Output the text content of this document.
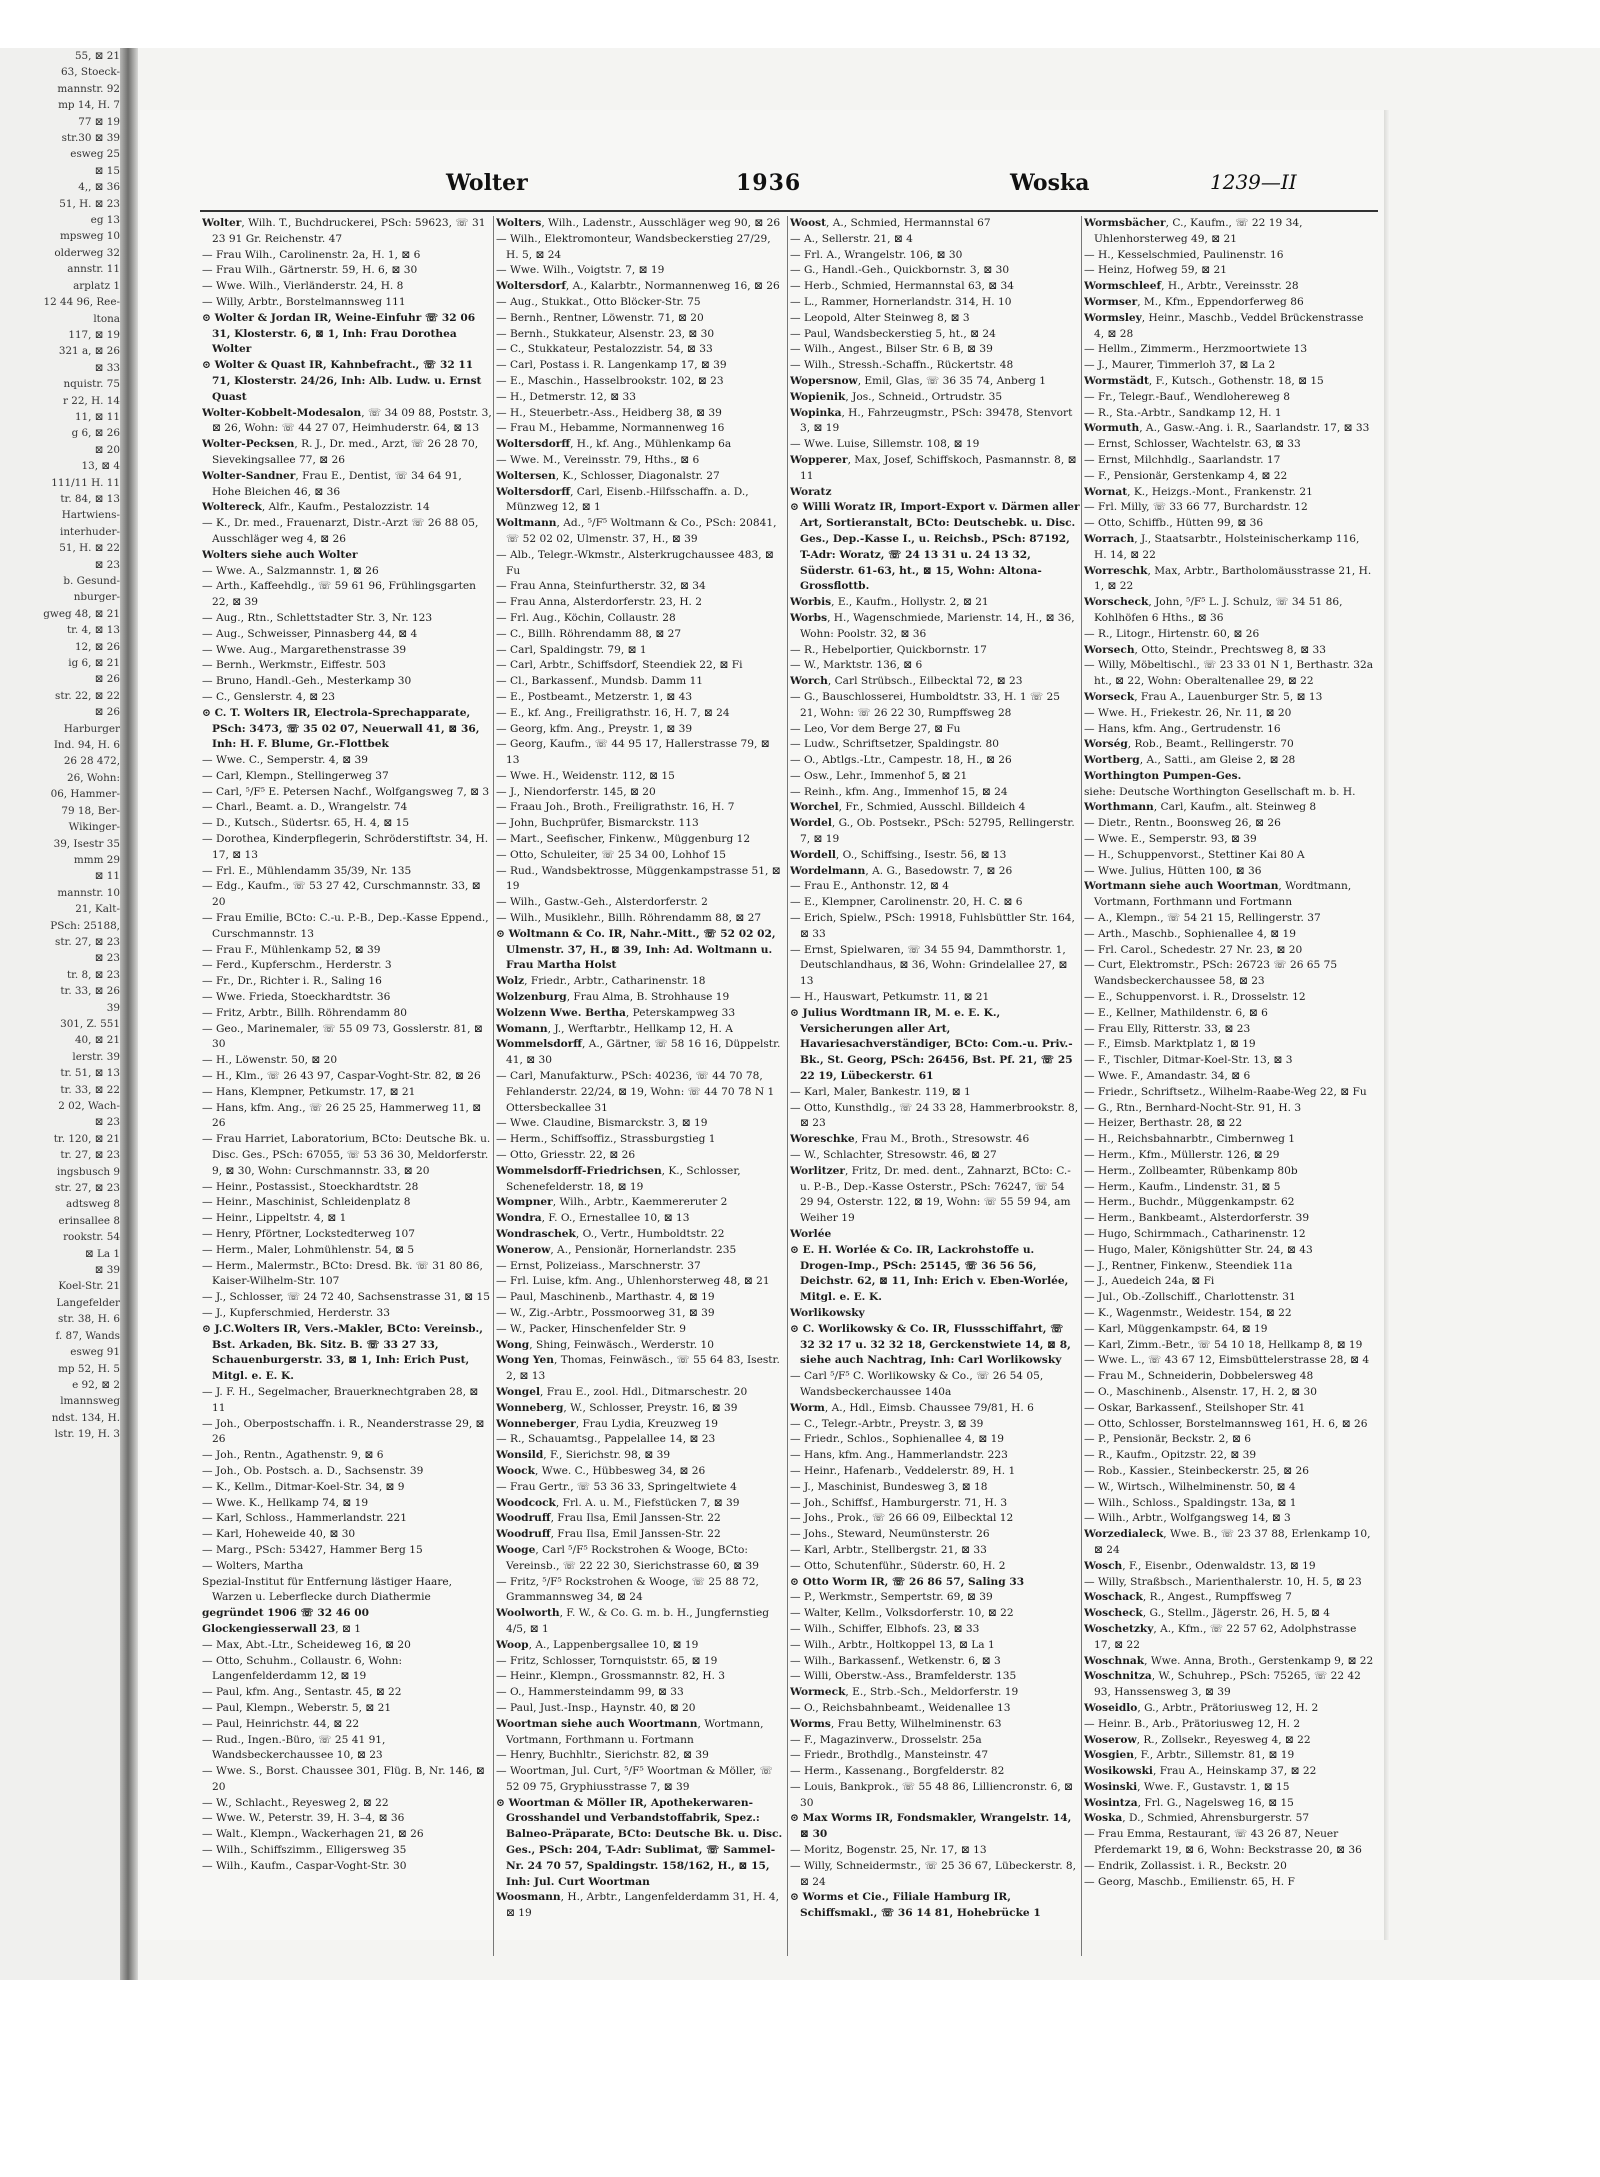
55, ⊠ 21
63, Stoeck-
mannstr. 92
mp 14, H. 7
77 ⊠ 19
str.30 ⊠ 39
esweg 25
⊠ 15
4,, ⊠ 36
51, H. ⊠ 23
eg 13
mpsweg 10
olderweg 32
annstr. 11
arplatz 1
12 44 96, Ree-
ltona
117, ⊠ 19
321 a, ⊠ 26
⊠ 33
nquistr. 75
r 22, H. 14
11, ⊠ 11
g 6, ⊠ 26
⊠ 20
13, ⊠ 4
111/11 H. 11
tr. 84, ⊠ 13
Hartwiens-
interhuder-
51, H. ⊠ 22
⊠ 23
b. Gesund-
nburger-
gweg 48, ⊠ 21
tr. 4, ⊠ 13
12, ⊠ 26
ig 6, ⊠ 21
⊠ 26
str. 22, ⊠ 22
⊠ 26
Harburger
Ind. 94, H. 6
26 28 472,
26, Wohn:
06, Hammer-
79 18, Ber-
Wikinger-
39, Isestr 35
mmm 29
⊠ 11
mannstr. 10
21, Kalt-
PSch: 25188,
str. 27, ⊠ 23
⊠ 23
tr. 8, ⊠ 23
tr. 33, ⊠ 26
39
301, Z. 551
40, ⊠ 21
lerstr. 39
tr. 51, ⊠ 13
tr. 33, ⊠ 22
2 02, Wach-
⊠ 23
tr. 120, ⊠ 21
tr. 27, ⊠ 23
ingsbusch 9
str. 27, ⊠ 23
adtsweg 8
erinsallee 8
rookstr. 54
⊠ La 1
⊠ 39
Koel-Str. 21
Langefelder
str. 38, H. 6
f. 87, Wands
esweg 91
mp 52, H. 5
e 92, ⊠ 2
lmannsweg
ndst. 134, H.
lstr. 19, H. 3
Wolter	1936	Woska	1239—II
Wolter, Wilh. T., Buchdruckerei, PSch: 59623, ☏ 31 23 91 Gr. Reichenstr. 47
— Frau Wilh., Carolinenstr. 2a, H. 1, ⊠ 6
— Frau Wilh., Gärtnerstr. 59, H. 6, ⊠ 30
— Wwe. Wilh., Vierländerstr. 24, H. 8
— Willy, Arbtr., Borstelmannsweg 111
⊙ Wolter & Jordan IR, Weine-Einfuhr ☏ 32 06 31, Klosterstr. 6, ⊠ 1, Inh: Frau Dorothea Wolter
⊙ Wolter & Quast IR, Kahnbefracht., ☏ 32 11 71, Klosterstr. 24/26, Inh: Alb. Ludw. u. Ernst Quast
Wolter-Kobbelt-Modesalon, ☏ 34 09 88, Poststr. 3, ⊠ 26, Wohn: ☏ 44 27 07, Heimhuderstr. 64, ⊠ 13
Wolter-Pecksen, R. J., Dr. med., Arzt, ☏ 26 28 70, Sievekingsallee 77, ⊠ 26
Wolter-Sandner, Frau E., Dentist, ☏ 34 64 91, Hohe Bleichen 46, ⊠ 36
Woltereck, Alfr., Kaufm., Pestalozzistr. 14
— K., Dr. med., Frauenarzt, Distr.-Arzt ☏ 26 88 05, Ausschläger weg 4, ⊠ 26
Wolters siehe auch Wolter
— Wwe. A., Salzmannstr. 1, ⊠ 26
— Arth., Kaffeehdlg., ☏ 59 61 96, Frühlingsgarten 22, ⊠ 39
— Aug., Rtn., Schlettstadter Str. 3, Nr. 123
— Aug., Schweisser, Pinnasberg 44, ⊠ 4
— Wwe. Aug., Margarethenstrasse 39
— Bernh., Werkmstr., Eiffestr. 503
— Bruno, Handl.-Geh., Mesterkamp 30
— C., Genslerstr. 4, ⊠ 23
⊙ C. T. Wolters IR, Electrola-Sprechapparate, PSch: 3473, ☏ 35 02 07, Neuerwall 41, ⊠ 36, Inh: H. F. Blume, Gr.-Flottbek
— Wwe. C., Semperstr. 4, ⊠ 39
— Carl, Klempn., Stellingerweg 37
— Carl, ⁵/F⁵ E. Petersen Nachf., Wolfgangsweg 7, ⊠ 3
— Charl., Beamt. a. D., Wrangelstr. 74
— D., Kutsch., Südertsr. 65, H. 4, ⊠ 15
— Dorothea, Kinderpflegerin, Schröderstiftstr. 34, H. 17, ⊠ 13
— Frl. E., Mühlendamm 35/39, Nr. 135
— Edg., Kaufm., ☏ 53 27 42, Curschmannstr. 33, ⊠ 20
— Frau Emilie, BCto: C.-u. P.-B., Dep.-Kasse Eppend., Curschmannstr. 13
— Frau F., Mühlenkamp 52, ⊠ 39
— Ferd., Kupferschm., Herderstr. 3
— Fr., Dr., Richter i. R., Saling 16
— Wwe. Frieda, Stoeckhardtstr. 36
— Fritz, Arbtr., Billh. Röhrendamm 80
— Geo., Marinemaler, ☏ 55 09 73, Gosslerstr. 81, ⊠ 30
— H., Löwenstr. 50, ⊠ 20
— H., Klm., ☏ 26 43 97, Caspar-Voght-Str. 82, ⊠ 26
— Hans, Klempner, Petkumstr. 17, ⊠ 21
— Hans, kfm. Ang., ☏ 26 25 25, Hammerweg 11, ⊠ 26
— Frau Harriet, Laboratorium, BCto: Deutsche Bk. u. Disc. Ges., PSch: 67055, ☏ 53 36 30, Meldorferstr. 9, ⊠ 30, Wohn: Curschmannstr. 33, ⊠ 20
— Heinr., Postassist., Stoeckhardtstr. 28
— Heinr., Maschinist, Schleidenplatz 8
— Heinr., Lippeltstr. 4, ⊠ 1
— Henry, Pförtner, Lockstedterweg 107
— Herm., Maler, Lohmühlenstr. 54, ⊠ 5
— Herm., Malermstr., BCto: Dresd. Bk. ☏ 31 80 86, Kaiser-Wilhelm-Str. 107
— J., Schlosser, ☏ 24 72 40, Sachsenstrasse 31, ⊠ 15
— J., Kupferschmied, Herderstr. 33
⊙ J.C.Wolters IR, Vers.-Makler, BCto: Vereinsb., Bst. Arkaden, Bk. Sitz. B. ☏ 33 27 33, Schauenburgerstr. 33, ⊠ 1, Inh: Erich Pust, Mitgl. e. E. K.
— J. F. H., Segelmacher, Brauerknechtgraben 28, ⊠ 11
— Joh., Oberpostschaffn. i. R., Neanderstrasse 29, ⊠ 26
— Joh., Rentn., Agathenstr. 9, ⊠ 6
— Joh., Ob. Postsch. a. D., Sachsenstr. 39
— K., Kellm., Ditmar-Koel-Str. 34, ⊠ 9
— Wwe. K., Hellkamp 74, ⊠ 19
— Karl, Schloss., Hammerlandstr. 221
— Karl, Hoheweide 40, ⊠ 30
— Marg., PSch: 53427, Hammer Berg 15
— Wolters, Martha
Spezial-Institut für Entfernung lästiger Haare, Warzen u. Leberflecke durch Diathermie
gegründet 1906 ☏ 32 46 00
Glockengiesserwall 23, ⊠ 1
— Max, Abt.-Ltr., Scheideweg 16, ⊠ 20
— Otto, Schuhm., Collaustr. 6, Wohn: Langenfelderdamm 12, ⊠ 19
— Paul, kfm. Ang., Sentastr. 45, ⊠ 22
— Paul, Klempn., Weberstr. 5, ⊠ 21
— Paul, Heinrichstr. 44, ⊠ 22
— Rud., Ingen.-Büro, ☏ 25 41 91, Wandsbeckerchaussee 10, ⊠ 23
— Wwe. S., Borst. Chaussee 301, Flüg. B, Nr. 146, ⊠ 20
— W., Schlacht., Reyesweg 2, ⊠ 22
— Wwe. W., Peterstr. 39, H. 3–4, ⊠ 36
— Walt., Klempn., Wackerhagen 21, ⊠ 26
— Wilh., Schiffszimm., Elligersweg 35
— Wilh., Kaufm., Caspar-Voght-Str. 30
Wolters, Wilh., Ladenstr., Ausschläger weg 90, ⊠ 26
— Wilh., Elektromonteur, Wandsbeckerstieg 27/29, H. 5, ⊠ 24
— Wwe. Wilh., Voigtstr. 7, ⊠ 19
Woltersdorf, A., Kalarbtr., Normannenweg 16, ⊠ 26
— Aug., Stukkat., Otto Blöcker-Str. 75
— Bernh., Rentner, Löwenstr. 71, ⊠ 20
— Bernh., Stukkateur, Alsenstr. 23, ⊠ 30
— C., Stukkateur, Pestalozzistr. 54, ⊠ 33
— Carl, Postass i. R. Langenkamp 17, ⊠ 39
— E., Maschin., Hasselbrookstr. 102, ⊠ 23
— H., Detmerstr. 12, ⊠ 33
— H., Steuerbetr.-Ass., Heidberg 38, ⊠ 39
— Frau M., Hebamme, Normannenweg 16
Woltersdorff, H., kf. Ang., Mühlenkamp 6a
— Wwe. M., Vereinsstr. 79, Hths., ⊠ 6
Woltersen, K., Schlosser, Diagonalstr. 27
Woltersdorff, Carl, Eisenb.-Hilfsschaffn. a. D., Münzweg 12, ⊠ 1
Woltmann, Ad., ⁵/F⁵ Woltmann & Co., PSch: 20841, ☏ 52 02 02, Ulmenstr. 37, H., ⊠ 39
— Alb., Telegr.-Wkmstr., Alsterkrugchaussee 483, ⊠ Fu
— Frau Anna, Steinfurtherstr. 32, ⊠ 34
— Frau Anna, Alsterdorferstr. 23, H. 2
— Frl. Aug., Köchin, Collaustr. 28
— C., Billh. Röhrendamm 88, ⊠ 27
— Carl, Spaldingstr. 79, ⊠ 1
— Carl, Arbtr., Schiffsdorf, Steendiek 22, ⊠ Fi
— Cl., Barkassenf., Mundsb. Damm 11
— E., Postbeamt., Metzerstr. 1, ⊠ 43
— E., kf. Ang., Freiligrathstr. 16, H. 7, ⊠ 24
— Georg, kfm. Ang., Preystr. 1, ⊠ 39
— Georg, Kaufm., ☏ 44 95 17, Hallerstrasse 79, ⊠ 13
— Wwe. H., Weidenstr. 112, ⊠ 15
— J., Niendorferstr. 145, ⊠ 20
— Fraau Joh., Broth., Freiligrathstr. 16, H. 7
— John, Buchprüfer, Bismarckstr. 113
— Mart., Seefischer, Finkenw., Müggenburg 12
— Otto, Schuleiter, ☏ 25 34 00, Lohhof 15
— Rud., Wandsbektrosse, Müggenkampstrasse 51, ⊠ 19
— Wilh., Gastw.-Geh., Alsterdorferstr. 2
— Wilh., Musiklehr., Billh. Röhrendamm 88, ⊠ 27
⊙ Woltmann & Co. IR, Nahr.-Mitt., ☏ 52 02 02, Ulmenstr. 37, H., ⊠ 39, Inh: Ad. Woltmann u. Frau Martha Holst
Wolz, Friedr., Arbtr., Catharinenstr. 18
Wolzenburg, Frau Alma, B. Strohhause 19
Wolzenn Wwe. Bertha, Peterskampweg 33
Womann, J., Werftarbtr., Hellkamp 12, H. A
Wommelsdorff, A., Gärtner, ☏ 58 16 16, Düppelstr. 41, ⊠ 30
— Carl, Manufakturw., PSch: 40236, ☏ 44 70 78, Fehlanderstr. 22/24, ⊠ 19, Wohn: ☏ 44 70 78 N 1 Ottersbeckallee 31
— Wwe. Claudine, Bismarckstr. 3, ⊠ 19
— Herm., Schiffsoffiz., Strassburgstieg 1
— Otto, Griesstr. 22, ⊠ 26
Wommelsdorff-Friedrichsen, K., Schlosser, Schenefelderstr. 18, ⊠ 19
Wompner, Wilh., Arbtr., Kaemmereruter 2
Wondra, F. O., Ernestallee 10, ⊠ 13
Wondraschek, O., Vertr., Humboldtstr. 22
Wonerow, A., Pensionär, Hornerlandstr. 235
— Ernst, Polizeiass., Marschnerstr. 37
— Frl. Luise, kfm. Ang., Uhlenhorsterweg 48, ⊠ 21
— Paul, Maschinenb., Marthastr. 4, ⊠ 19
— W., Zig.-Arbtr., Possmoorweg 31, ⊠ 39
— W., Packer, Hinschenfelder Str. 9
Wong, Shing, Feinwäsch., Werderstr. 10
Wong Yen, Thomas, Feinwäsch., ☏ 55 64 83, Isestr. 2, ⊠ 13
Wongel, Frau E., zool. Hdl., Ditmarschestr. 20
Wonneberg, W., Schlosser, Preystr. 16, ⊠ 39
Wonneberger, Frau Lydia, Kreuzweg 19
— R., Schauamtsg., Pappelallee 14, ⊠ 23
Wonsild, F., Sierichstr. 98, ⊠ 39
Woock, Wwe. C., Hübbesweg 34, ⊠ 26
— Frau Gertr., ☏ 53 36 33, Springeltwiete 4
Woodcock, Frl. A. u. M., Fiefstücken 7, ⊠ 39
Woodruff, Frau Ilsa, Emil Janssen-Str. 22
Woodruff, Frau Ilsa, Emil Janssen-Str. 22
Wooge, Carl ⁵/F⁵ Rockstrohen & Wooge, BCto: Vereinsb., ☏ 22 22 30, Sierichstrasse 60, ⊠ 39
— Fritz, ⁵/F⁵ Rockstrohen & Wooge, ☏ 25 88 72, Grammannsweg 34, ⊠ 24
Woolworth, F. W., & Co. G. m. b. H., Jungfernstieg 4/5, ⊠ 1
Woop, A., Lappenbergsallee 10, ⊠ 19
— Fritz, Schlosser, Tornquiststr. 65, ⊠ 19
— Heinr., Klempn., Grossmannstr. 82, H. 3
— O., Hammersteindamm 99, ⊠ 33
— Paul, Just.-Insp., Haynstr. 40, ⊠ 20
Woortman siehe auch Woortmann, Wortmann, Vortmann, Forthmann u. Fortmann
— Henry, Buchhltr., Sierichstr. 82, ⊠ 39
— Woortman, Jul. Curt, ⁵/F⁵ Woortman & Möller, ☏ 52 09 75, Gryphiusstrasse 7, ⊠ 39
⊙ Woortman & Möller IR, Apothekerwaren-Grosshandel und Verbandstoffabrik, Spez.: Balneo-Präparate, BCto: Deutsche Bk. u. Disc. Ges., PSch: 204, T-Adr: Sublimat, ☏ Sammel-Nr. 24 70 57, Spaldingstr. 158/162, H., ⊠ 15, Inh: Jul. Curt Woortman
Woosmann, H., Arbtr., Langenfelderdamm 31, H. 4, ⊠ 19
Woost, A., Schmied, Hermannstal 67
— A., Sellerstr. 21, ⊠ 4
— Frl. A., Wrangelstr. 106, ⊠ 30
— G., Handl.-Geh., Quickbornstr. 3, ⊠ 30
— Herb., Schmied, Hermannstal 63, ⊠ 34
— L., Rammer, Hornerlandstr. 314, H. 10
— Leopold, Alter Steinweg 8, ⊠ 3
— Paul, Wandsbeckerstieg 5, ht., ⊠ 24
— Wilh., Angest., Bilser Str. 6 B, ⊠ 39
— Wilh., Stressh.-Schaffn., Rückertstr. 48
Wopersnow, Emil, Glas, ☏ 36 35 74, Anberg 1
Wopienik, Jos., Schneid., Ortrudstr. 35
Wopinka, H., Fahrzeugmstr., PSch: 39478, Stenvort 3, ⊠ 19
— Wwe. Luise, Sillemstr. 108, ⊠ 19
Wopperer, Max, Josef, Schiffskoch, Pasmannstr. 8, ⊠ 11
Woratz
⊙ Willi Woratz IR, Import-Export v. Därmen aller Art, Sortieranstalt, BCto: Deutschebk. u. Disc. Ges., Dep.-Kasse I., u. Reichsb., PSch: 87192, T-Adr: Woratz, ☏ 24 13 31 u. 24 13 32, Süderstr. 61-63, ht., ⊠ 15, Wohn: Altona-Grossflottb.
Worbis, E., Kaufm., Hollystr. 2, ⊠ 21
Worbs, H., Wagenschmiede, Marienstr. 14, H., ⊠ 36, Wohn: Poolstr. 32, ⊠ 36
— R., Hebelportier, Quickbornstr. 17
— W., Marktstr. 136, ⊠ 6
Worch, Carl Strübsch., Eilbecktal 72, ⊠ 23
— G., Bauschlosserei, Humboldtstr. 33, H. 1 ☏ 25 21, Wohn: ☏ 26 22 30, Rumpffsweg 28
— Leo, Vor dem Berge 27, ⊠ Fu
— Ludw., Schriftsetzer, Spaldingstr. 80
— O., Abtlgs.-Ltr., Campestr. 18, H., ⊠ 26
— Osw., Lehr., Immenhof 5, ⊠ 21
— Reinh., kfm. Ang., Immenhof 15, ⊠ 24
Worchel, Fr., Schmied, Ausschl. Billdeich 4
Wordel, G., Ob. Postsekr., PSch: 52795, Rellingerstr. 7, ⊠ 19
Wordell, O., Schiffsing., Isestr. 56, ⊠ 13
Wordelmann, A. G., Basedowstr. 7, ⊠ 26
— Frau E., Anthonstr. 12, ⊠ 4
— E., Klempner, Carolinenstr. 20, H. C. ⊠ 6
— Erich, Spielw., PSch: 19918, Fuhlsbüttler Str. 164, ⊠ 33
— Ernst, Spielwaren, ☏ 34 55 94, Dammthorstr. 1, Deutschlandhaus, ⊠ 36, Wohn: Grindelallee 27, ⊠ 13
— H., Hauswart, Petkumstr. 11, ⊠ 21
⊙ Julius Wordtmann IR, M. e. E. K., Versicherungen aller Art, Havariesachverständiger, BCto: Com.-u. Priv.-Bk., St. Georg, PSch: 26456, Bst. Pf. 21, ☏ 25 22 19, Lübeckerstr. 61
— Karl, Maler, Bankestr. 119, ⊠ 1
— Otto, Kunsthdlg., ☏ 24 33 28, Hammerbrookstr. 8, ⊠ 23
Woreschke, Frau M., Broth., Stresowstr. 46
— W., Schlachter, Stresowstr. 46, ⊠ 27
Worlitzer, Fritz, Dr. med. dent., Zahnarzt, BCto: C.-u. P.-B., Dep.-Kasse Osterstr., PSch: 76247, ☏ 54 29 94, Osterstr. 122, ⊠ 19, Wohn: ☏ 55 59 94, am Weiher 19
Worlée
⊙ E. H. Worlée & Co. IR, Lackrohstoffe u. Drogen-Imp., PSch: 25145, ☏ 36 56 56, Deichstr. 62, ⊠ 11, Inh: Erich v. Eben-Worlée, Mitgl. e. E. K.
Worlikowsky
⊙ C. Worlikowsky & Co. IR, Flussschiffahrt, ☏ 32 32 17 u. 32 32 18, Gerckenstwiete 14, ⊠ 8, siehe auch Nachtrag, Inh: Carl Worlikowsky
— Carl ⁵/F⁵ C. Worlikowsky & Co., ☏ 26 54 05, Wandsbeckerchaussee 140a
Worm, A., Hdl., Eimsb. Chaussee 79/81, H. 6
— C., Telegr.-Arbtr., Preystr. 3, ⊠ 39
— Friedr., Schlos., Sophienallee 4, ⊠ 19
— Hans, kfm. Ang., Hammerlandstr. 223
— Heinr., Hafenarb., Veddelerstr. 89, H. 1
— J., Maschinist, Bundesweg 3, ⊠ 18
— Joh., Schiffsf., Hamburgerstr. 71, H. 3
— Johs., Prok., ☏ 26 66 09, Eilbecktal 12
— Johs., Steward, Neumünsterstr. 26
— Karl, Arbtr., Stellbergstr. 21, ⊠ 33
— Otto, Schutenführ., Süderstr. 60, H. 2
⊙ Otto Worm IR, ☏ 26 86 57, Saling 33
— P., Werkmstr., Sempertstr. 69, ⊠ 39
— Walter, Kellm., Volksdorferstr. 10, ⊠ 22
— Wilh., Schiffer, Elbhofs. 23, ⊠ 33
— Wilh., Arbtr., Holtkoppel 13, ⊠ La 1
— Wilh., Barkassenf., Wetkenstr. 6, ⊠ 3
— Willi, Oberstw.-Ass., Bramfelderstr. 135
Wormeck, E., Strb.-Sch., Meldorferstr. 19
— O., Reichsbahnbeamt., Weidenallee 13
Worms, Frau Betty, Wilhelminenstr. 63
— F., Magazinverw., Drosselstr. 25a
— Friedr., Brothdlg., Mansteinstr. 47
— Herm., Kassenang., Borgfelderstr. 82
— Louis, Bankprok., ☏ 55 48 86, Lilliencronstr. 6, ⊠ 30
⊙ Max Worms IR, Fondsmakler, Wrangelstr. 14, ⊠ 30
— Moritz, Bogenstr. 25, Nr. 17, ⊠ 13
— Willy, Schneidermstr., ☏ 25 36 67, Lübeckerstr. 8, ⊠ 24
⊙ Worms et Cie., Filiale Hamburg IR, Schiffsmakl., ☏ 36 14 81, Hohebrücke 1
Wormsbächer, C., Kaufm., ☏ 22 19 34, Uhlenhorsterweg 49, ⊠ 21
— H., Kesselschmied, Paulinenstr. 16
— Heinz, Hofweg 59, ⊠ 21
Wormschleef, H., Arbtr., Vereinsstr. 28
Wormser, M., Kfm., Eppendorferweg 86
Wormsley, Heinr., Maschb., Veddel Brückenstrasse 4, ⊠ 28
— Hellm., Zimmerm., Herzmoortwiete 13
— J., Maurer, Timmerloh 37, ⊠ La 2
Wormstädt, F., Kutsch., Gothenstr. 18, ⊠ 15
— Fr., Telegr.-Bauf., Wendlohereweg 8
— R., Sta.-Arbtr., Sandkamp 12, H. 1
Wormuth, A., Gasw.-Ang. i. R., Saarlandstr. 17, ⊠ 33
— Ernst, Schlosser, Wachtelstr. 63, ⊠ 33
— Ernst, Milchhdlg., Saarlandstr. 17
— F., Pensionär, Gerstenkamp 4, ⊠ 22
Wornat, K., Heizgs.-Mont., Frankenstr. 21
— Frl. Milly, ☏ 33 66 77, Burchardstr. 12
— Otto, Schiffb., Hütten 99, ⊠ 36
Worrach, J., Staatsarbtr., Holsteinischerkamp 116, H. 14, ⊠ 22
Worreschk, Max, Arbtr., Bartholomäusstrasse 21, H. 1, ⊠ 22
Worscheck, John, ⁵/F⁵ L. J. Schulz, ☏ 34 51 86, Kohlhöfen 6 Hths., ⊠ 36
— R., Litogr., Hirtenstr. 60, ⊠ 26
Worsech, Otto, Steindr., Prechtsweg 8, ⊠ 33
— Willy, Möbeltischl., ☏ 23 33 01 N 1, Berthastr. 32a ht., ⊠ 22, Wohn: Oberaltenallee 29, ⊠ 22
Worseck, Frau A., Lauenburger Str. 5, ⊠ 13
— Wwe. H., Friekestr. 26, Nr. 11, ⊠ 20
— Hans, kfm. Ang., Gertrudenstr. 16
Worség, Rob., Beamt., Rellingerstr. 70
Wortberg, A., Satti., am Gleise 2, ⊠ 28
Worthington Pumpen-Ges.
siehe: Deutsche Worthington Gesellschaft m. b. H.
Worthmann, Carl, Kaufm., alt. Steinweg 8
— Dietr., Rentn., Boonsweg 26, ⊠ 26
— Wwe. E., Semperstr. 93, ⊠ 39
— H., Schuppenvorst., Stettiner Kai 80 A
— Wwe. Julius, Hütten 100, ⊠ 36
Wortmann siehe auch Woortman, Wordtmann, Vortmann, Forthmann und Fortmann
— A., Klempn., ☏ 54 21 15, Rellingerstr. 37
— Arth., Maschb., Sophienallee 4, ⊠ 19
— Frl. Carol., Schedestr. 27 Nr. 23, ⊠ 20
— Curt, Elektromstr., PSch: 26723 ☏ 26 65 75 Wandsbeckerchaussee 58, ⊠ 23
— E., Schuppenvorst. i. R., Drosselstr. 12
— E., Kellner, Mathildenstr. 6, ⊠ 6
— Frau Elly, Ritterstr. 33, ⊠ 23
— F., Eimsb. Marktplatz 1, ⊠ 19
— F., Tischler, Ditmar-Koel-Str. 13, ⊠ 3
— Wwe. F., Amandastr. 34, ⊠ 6
— Friedr., Schriftsetz., Wilhelm-Raabe-Weg 22, ⊠ Fu
— G., Rtn., Bernhard-Nocht-Str. 91, H. 3
— Heizer, Berthastr. 28, ⊠ 22
— H., Reichsbahnarbtr., Cimbernweg 1
— Herm., Kfm., Müllerstr. 126, ⊠ 29
— Herm., Zollbeamter, Rübenkamp 80b
— Herm., Kaufm., Lindenstr. 31, ⊠ 5
— Herm., Buchdr., Müggenkampstr. 62
— Herm., Bankbeamt., Alsterdorferstr. 39
— Hugo, Schirmmach., Catharinenstr. 12
— Hugo, Maler, Königshütter Str. 24, ⊠ 43
— J., Rentner, Finkenw., Steendiek 11a
— J., Auedeich 24a, ⊠ Fi
— Jul., Ob.-Zollschiff., Charlottenstr. 31
— K., Wagenmstr., Weidestr. 154, ⊠ 22
— Karl, Müggenkampstr. 64, ⊠ 19
— Karl, Zimm.-Betr., ☏ 54 10 18, Hellkamp 8, ⊠ 19
— Wwe. L., ☏ 43 67 12, Eimsbüttelerstrasse 28, ⊠ 4
— Frau M., Schneiderin, Dobbelersweg 48
— O., Maschinenb., Alsenstr. 17, H. 2, ⊠ 30
— Oskar, Barkassenf., Steilshoper Str. 41
— Otto, Schlosser, Borstelmannsweg 161, H. 6, ⊠ 26
— P., Pensionär, Beckstr. 2, ⊠ 6
— R., Kaufm., Opitzstr. 22, ⊠ 39
— Rob., Kassier., Steinbeckerstr. 25, ⊠ 26
— W., Wirtsch., Wilhelminenstr. 50, ⊠ 4
— Wilh., Schloss., Spaldingstr. 13a, ⊠ 1
— Wilh., Arbtr., Wolfgangsweg 14, ⊠ 3
Worzedialeck, Wwe. B., ☏ 23 37 88, Erlenkamp 10, ⊠ 24
Wosch, F., Eisenbr., Odenwaldstr. 13, ⊠ 19
— Willy, Straßbsch., Marienthalerstr. 10, H. 5, ⊠ 23
Woschack, R., Angest., Rumpffsweg 7
Woscheck, G., Stellm., Jägerstr. 26, H. 5, ⊠ 4
Woschetzky, A., Kfm., ☏ 22 57 62, Adolphstrasse 17, ⊠ 22
Woschnak, Wwe. Anna, Broth., Gerstenkamp 9, ⊠ 22
Woschnitza, W., Schuhrep., PSch: 75265, ☏ 22 42 93, Hanssensweg 3, ⊠ 39
Woseidlo, G., Arbtr., Prätoriusweg 12, H. 2
— Heinr. B., Arb., Prätoriusweg 12, H. 2
Woserow, R., Zollsekr., Reyesweg 4, ⊠ 22
Wosgien, F., Arbtr., Sillemstr. 81, ⊠ 19
Wosikowski, Frau A., Heinskamp 37, ⊠ 22
Wosinski, Wwe. F., Gustavstr. 1, ⊠ 15
Wosintza, Frl. G., Nagelsweg 16, ⊠ 15
Woska, D., Schmied, Ahrensburgerstr. 57
— Frau Emma, Restaurant, ☏ 43 26 87, Neuer Pferdemarkt 19, ⊠ 6, Wohn: Beckstrasse 20, ⊠ 36
— Endrik, Zollassist. i. R., Beckstr. 20
— Georg, Maschb., Emilienstr. 65, H. F
